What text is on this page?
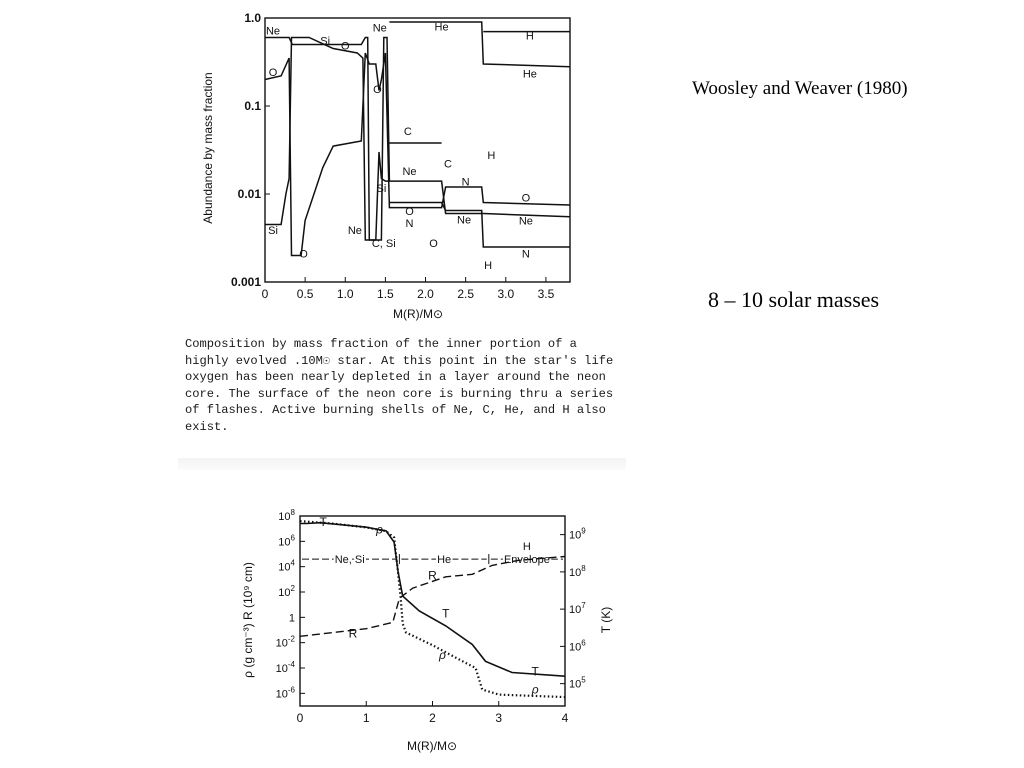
Woosley and Weaver (1980)
8 – 10 solar masses
0 0.5 1.0 1.5 2.0 2.5 3.0 3.5
0.001
0.01
0.1
1.0
Ne
Si O
O
Ne
O
He
H
He
C
Ne
Si
C
N
H
O
N	Ne
O
Ne
N
Si
O
Ne
C, Si	O
H
Abundance by mass fraction
M(R)/M⊙

Composition by mass fraction of the inner portion of a highly evolved .10M☉ star. At this point in the star's life oxygen has been nearly depleted in a layer around the neon core. The surface of the neon core is burning thru a series of flashes. Active burning shells of Ne, C, He, and H also exist.

0	1	2	3	4
$10^8$
$10^6$
$10^4$
$10^2$
1
$10^{-2}$
$10^{-4}$
$10^{-6}$
$10^9$
$10^8$
$10^7$
$10^6$
$10^5$
Ne, Si	He
H
Envelope
T
ρ
R
T
R
ρ
T
ρ
ρ (g cm⁻³) R (10⁹ cm)	T (K)
M(R)/M⊙
